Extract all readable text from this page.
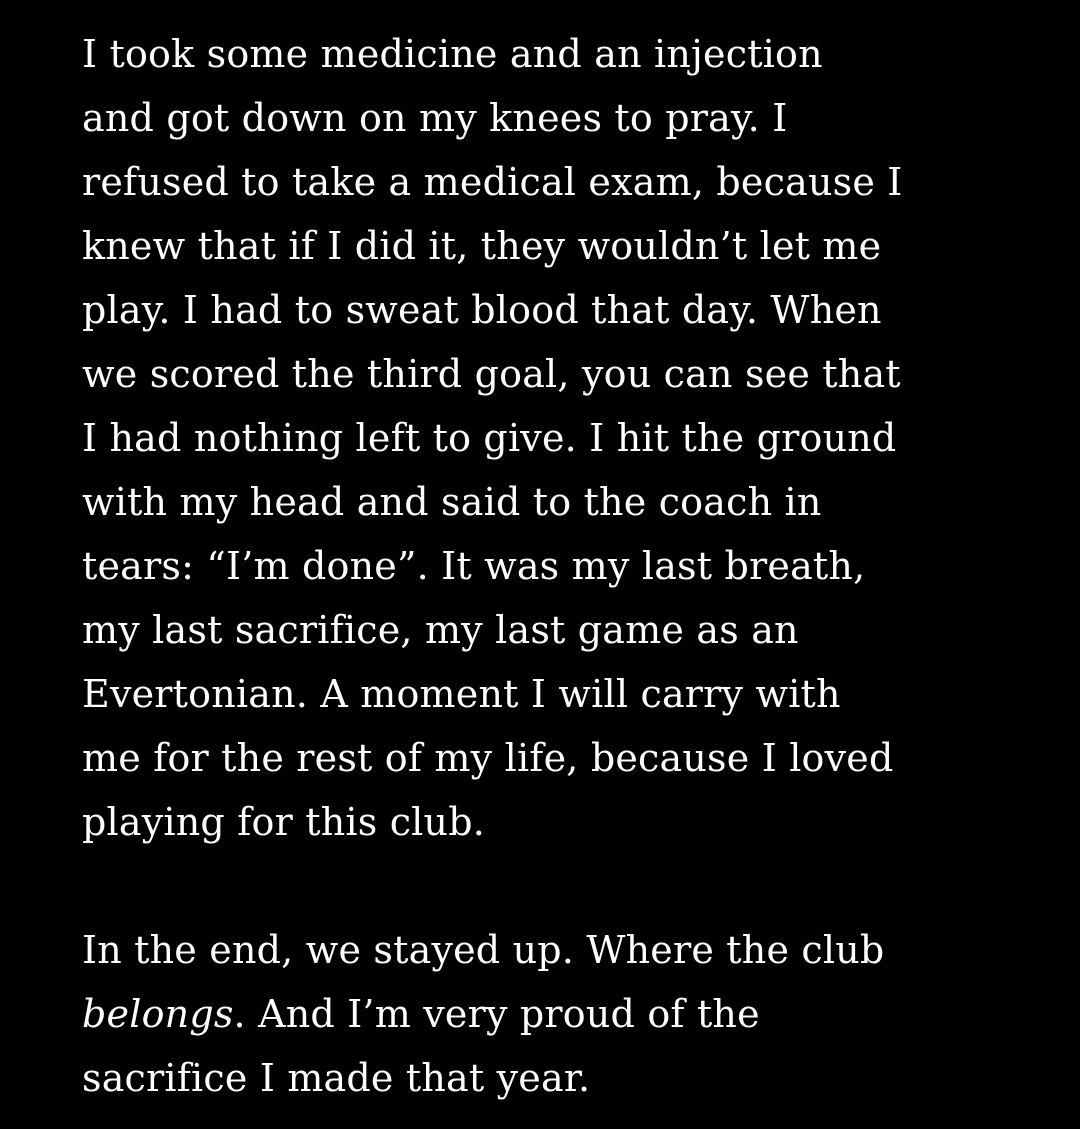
I took some medicine and an injection
and got down on my knees to pray. I
refused to take a medical exam, because I
knew that if I did it, they wouldn’t let me
play. I had to sweat blood that day. When
we scored the third goal, you can see that
I had nothing left to give. I hit the ground
with my head and said to the coach in
tears: “I’m done”. It was my last breath,
my last sacrifice, my last game as an
Evertonian. A moment I will carry with
me for the rest of my life, because I loved
playing for this club.

In the end, we stayed up. Where the club
belongs. And I’m very proud of the
sacrifice I made that year.
